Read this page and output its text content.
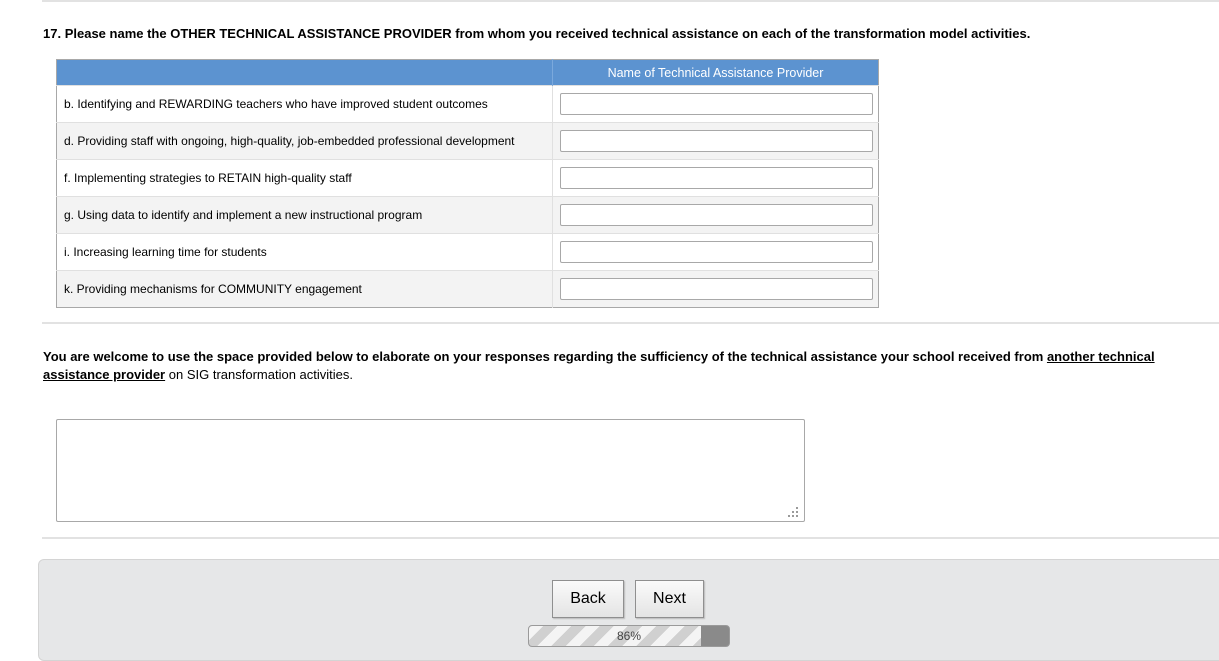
17. Please name the OTHER TECHNICAL ASSISTANCE PROVIDER from whom you received technical assistance on each of the transformation model activities.
	Name of Technical Assistance Provider
b. Identifying and REWARDING teachers who have improved student outcomes	

d. Providing staff with ongoing, high-quality, job-embedded professional development	

f. Implementing strategies to RETAIN high-quality staff	

g. Using data to identify and implement a new instructional program	

i. Increasing learning time for students	

k. Providing mechanisms for COMMUNITY engagement	
You are welcome to use the space provided below to elaborate on your responses regarding the sufficiency of the technical assistance your school received from another technical assistance provider on SIG transformation activities.
Back	Next
86%
